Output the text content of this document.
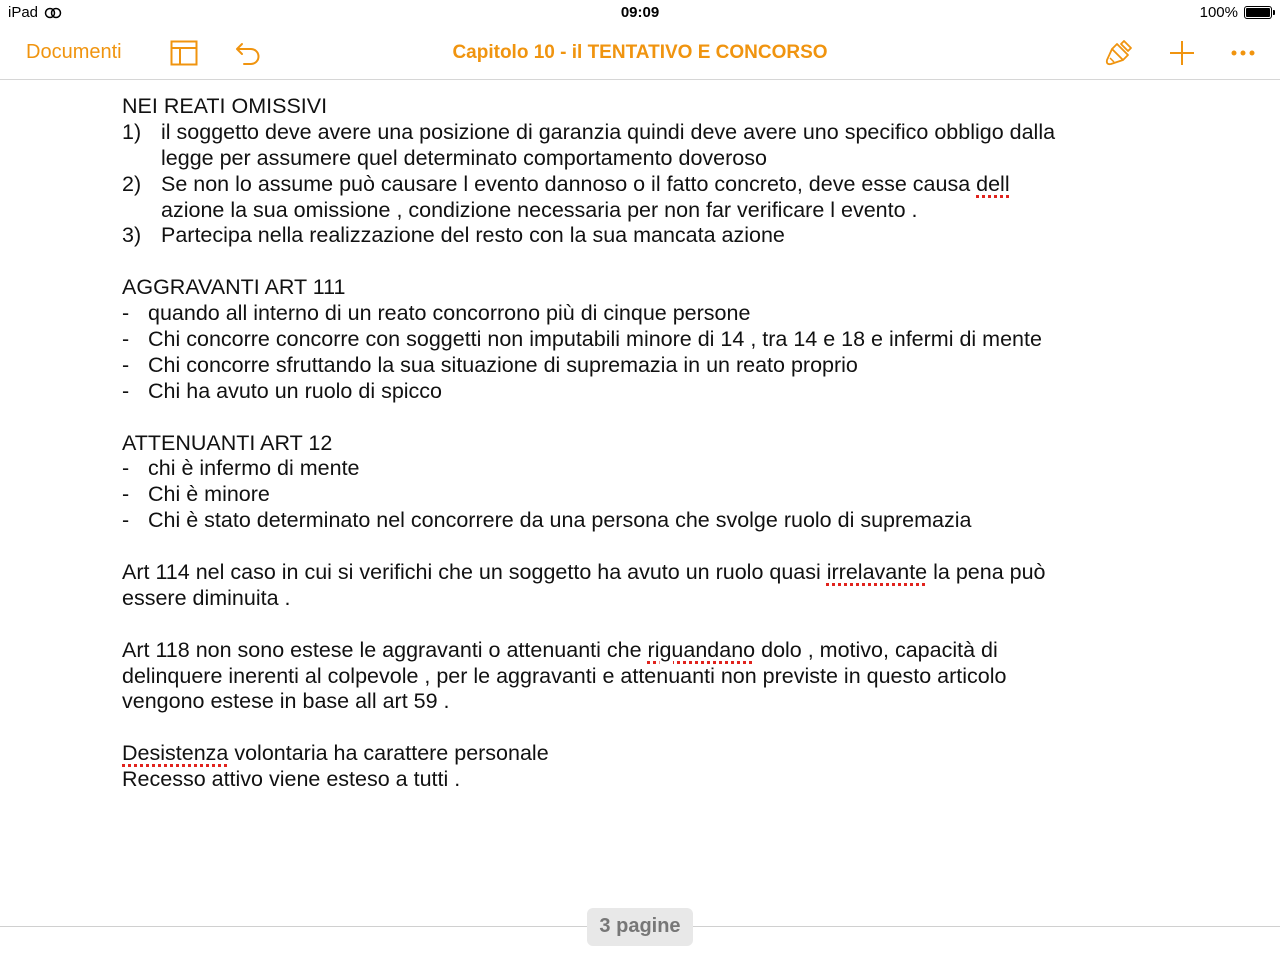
iPad	09:09	100%
Documenti	Capitolo 10 - il TENTATIVO E CONCORSO
NEI REATI OMISSIVI
1) il soggetto deve avere una posizione di garanzia quindi deve avere uno specifico obbligo dalla
legge per assumere quel determinato comportamento doveroso
2) Se non lo assume può causare l evento dannoso o il fatto concreto, deve esse causa dell
azione la sua omissione , condizione necessaria per non far verificare l evento .
3) Partecipa nella realizzazione del resto con la sua mancata azione
AGGRAVANTI ART 111
- quando all interno di un reato concorrono più di cinque persone
- Chi concorre concorre con soggetti non imputabili minore di 14 , tra 14 e 18 e infermi di mente
- Chi concorre sfruttando la sua situazione di supremazia in un reato proprio
- Chi ha avuto un ruolo di spicco
ATTENUANTI ART 12
- chi è infermo di mente
- Chi è minore
- Chi è stato determinato nel concorrere da una persona che svolge ruolo di supremazia
Art 114 nel caso in cui si verifichi che un soggetto ha avuto un ruolo quasi irrelavante la pena può
essere diminuita .
Art 118 non sono estese le aggravanti o attenuanti che riguandano dolo , motivo, capacità di
delinquere inerenti al colpevole , per le aggravanti e attenuanti non previste in questo articolo
vengono estese in base all art 59 .
Desistenza volontaria ha carattere personale
Recesso attivo viene esteso a tutti .
3 pagine
